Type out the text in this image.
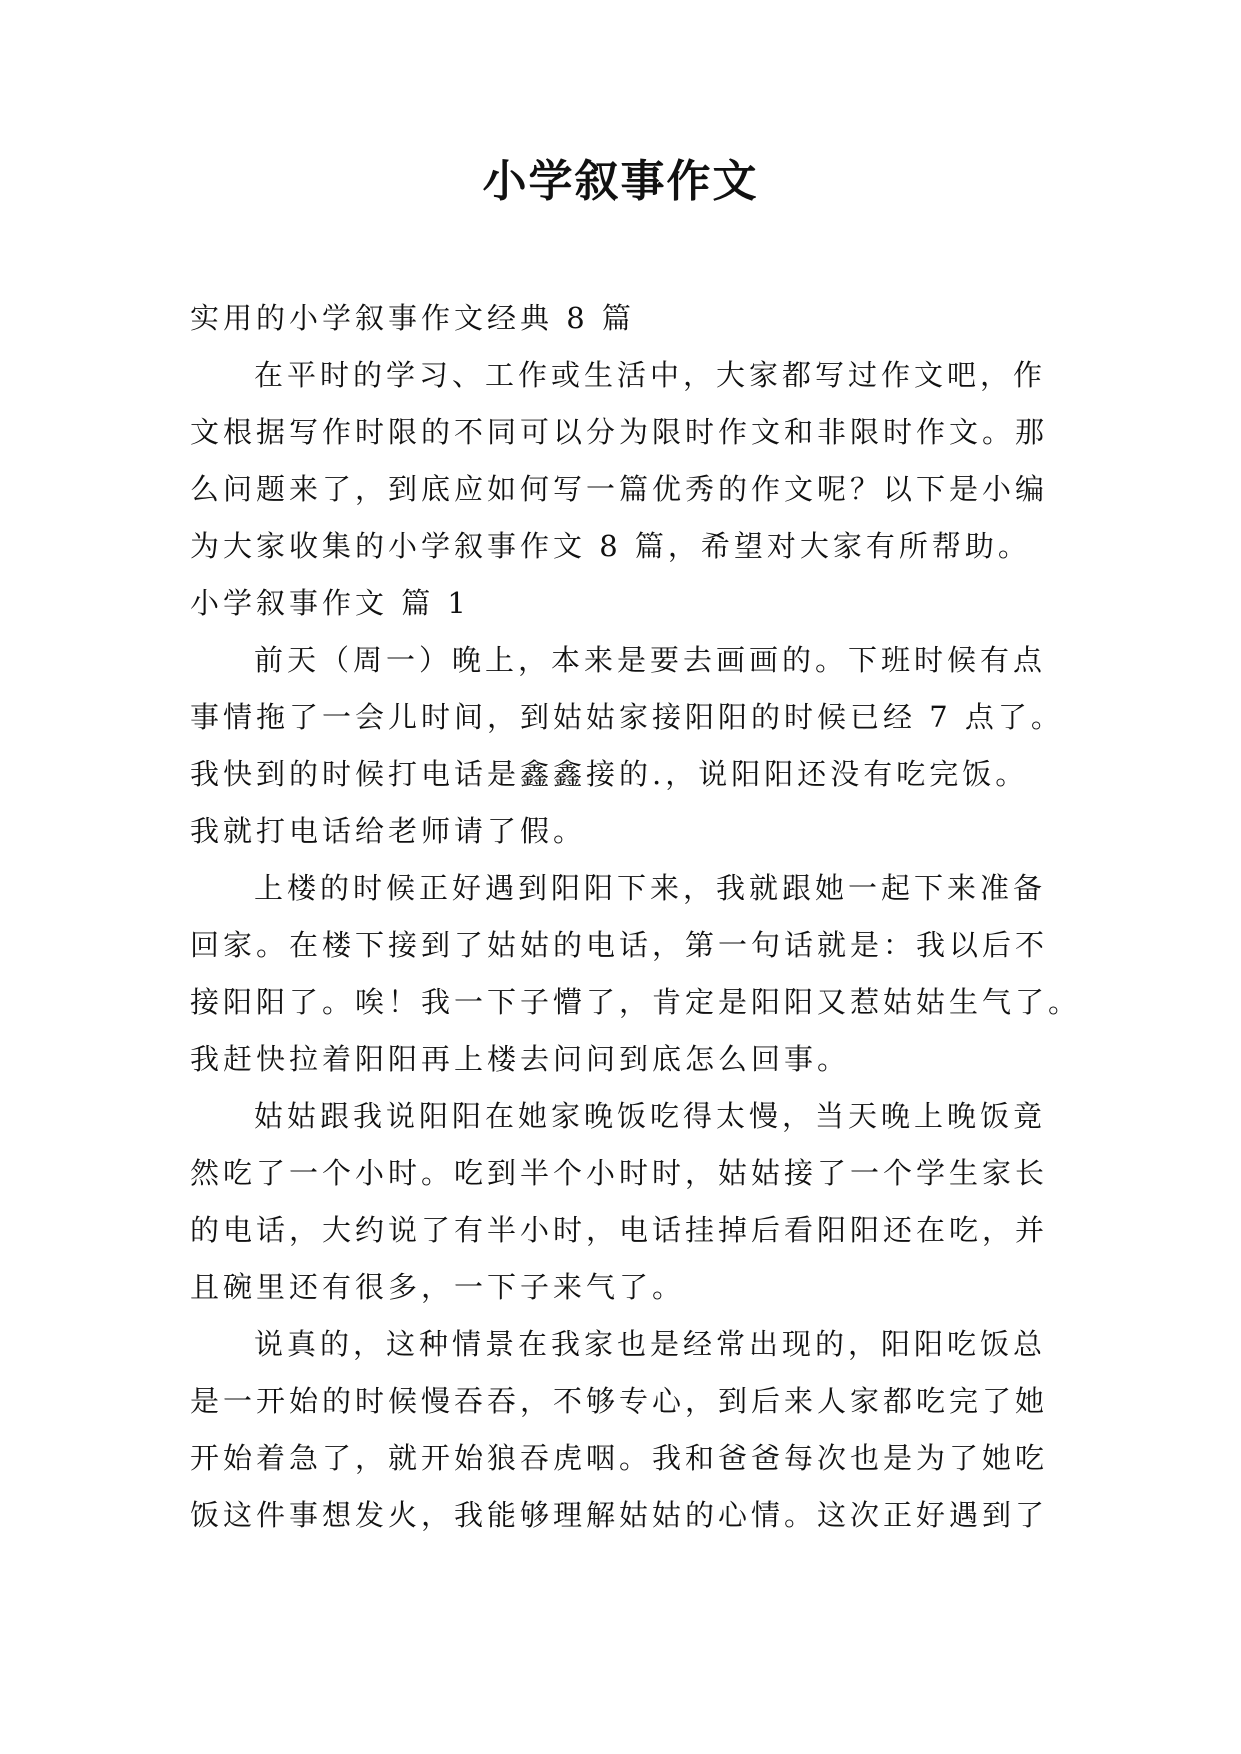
小学叙事作文
实用的小学叙事作文经典 8 篇
在平时的学习、工作或生活中，大家都写过作文吧，作
文根据写作时限的不同可以分为限时作文和非限时作文。那
么问题来了，到底应如何写一篇优秀的作文呢？以下是小编
为大家收集的小学叙事作文 8 篇，希望对大家有所帮助。
小学叙事作文 篇 1
前天（周一）晚上，本来是要去画画的。下班时候有点
事情拖了一会儿时间，到姑姑家接阳阳的时候已经 7 点了。
我快到的时候打电话是鑫鑫接的.，说阳阳还没有吃完饭。
我就打电话给老师请了假。
上楼的时候正好遇到阳阳下来，我就跟她一起下来准备
回家。在楼下接到了姑姑的电话，第一句话就是：我以后不
接阳阳了。唉！我一下子懵了，肯定是阳阳又惹姑姑生气了。
我赶快拉着阳阳再上楼去问问到底怎么回事。
姑姑跟我说阳阳在她家晚饭吃得太慢，当天晚上晚饭竟
然吃了一个小时。吃到半个小时时，姑姑接了一个学生家长
的电话，大约说了有半小时，电话挂掉后看阳阳还在吃，并
且碗里还有很多，一下子来气了。
说真的，这种情景在我家也是经常出现的，阳阳吃饭总
是一开始的时候慢吞吞，不够专心，到后来人家都吃完了她
开始着急了，就开始狼吞虎咽。我和爸爸每次也是为了她吃
饭这件事想发火，我能够理解姑姑的心情。这次正好遇到了
